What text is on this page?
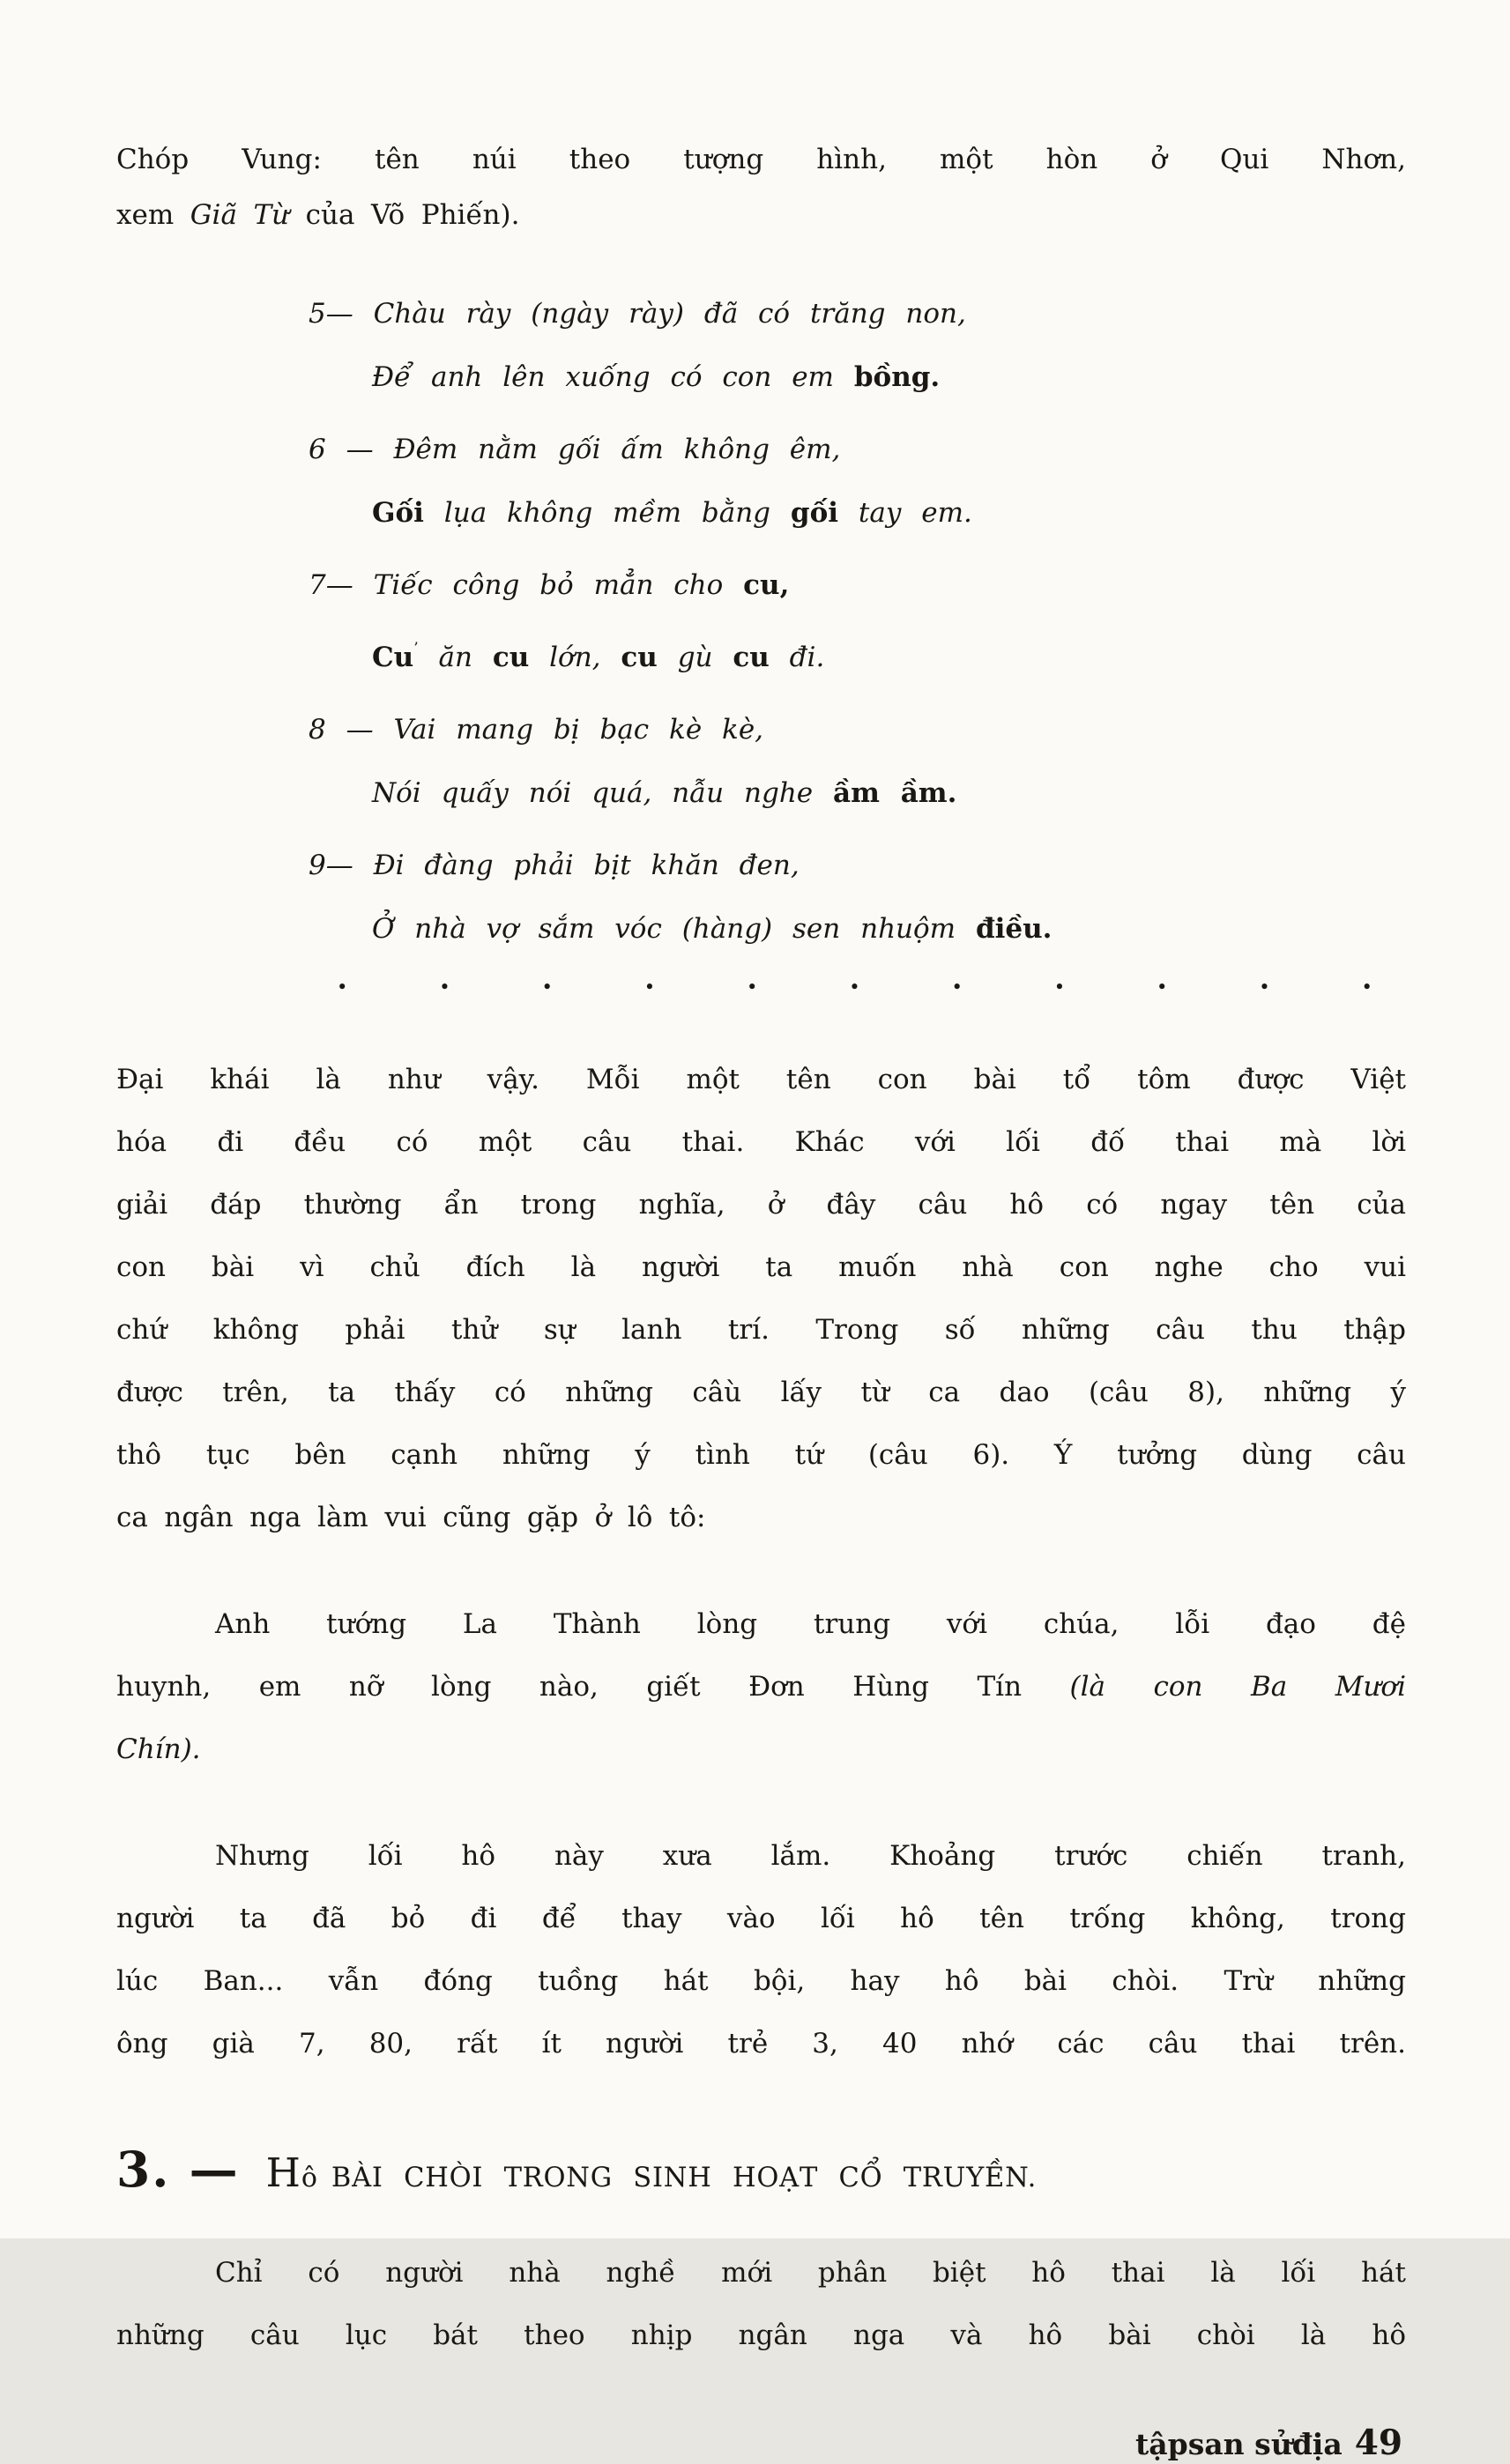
Chóp Vung: tên núi theo tượng hình, một hòn ở Qui Nhơn,

xem Giã Từ của Võ Phiến).

5— Chàu rày (ngày rày) đã có trăng non,

Để anh lên xuống có con em bồng.

6 — Đêm nằm gối ấm không êm,

Gối lụa không mềm bằng gối tay em.

7— Tiếc công bỏ mẳn cho cu,

Cu’ ăn cu lớn, cu gù cu đi.

8 — Vai mang bị bạc kè kè,

Nói quấy nói quá, nẫu nghe ầm ầm.

9— Đi đàng phải bịt khăn đen,

Ở nhà vợ sắm vóc (hàng) sen nhuộm điều.

•	•	•	•	•	•	•	•	•	•	•

Đại khái là như vậy. Mỗi một tên con bài tổ tôm được Việt

hóa đi đều có một câu thai. Khác với lối đố thai mà lời

giải đáp thường ẩn trong nghĩa, ở đây câu hô có ngay tên của

con bài vì chủ đích là người ta muốn nhà con nghe cho vui

chứ không phải thử sự lanh trí. Trong số những câu thu thập

được trên, ta thấy có những câù lấy từ ca dao (câu 8), những ý

thô tục bên cạnh những ý tình tứ (câu 6). Ý tưởng dùng câu

ca ngân nga làm vui cũng gặp ở lô tô:

Anh tướng La Thành lòng trung với chúa, lỗi đạo đệ

huynh, em nỡ lòng nào, giết Đơn Hùng Tín (là con Ba Mươi

Chín).

Nhưng lối hô này xưa lắm. Khoảng trước chiến tranh,

người ta đã bỏ đi để thay vào lối hô tên trống không, trong

lúc Ban... vẫn đóng tuồng hát bội, hay hô bài chòi. Trừ những

ông già 7, 80, rất ít người trẻ 3, 40 nhớ các câu thai trên.

3. — H ô BÀI CHÒI TRONG SINH HOẠT CỔ TRUYỀN.

Chỉ có người nhà nghề mới phân biệt hô thai là lối hát

những câu lục bát theo nhịp ngân nga và hô bài chòi là hô

tậpsan sửđịa 49
